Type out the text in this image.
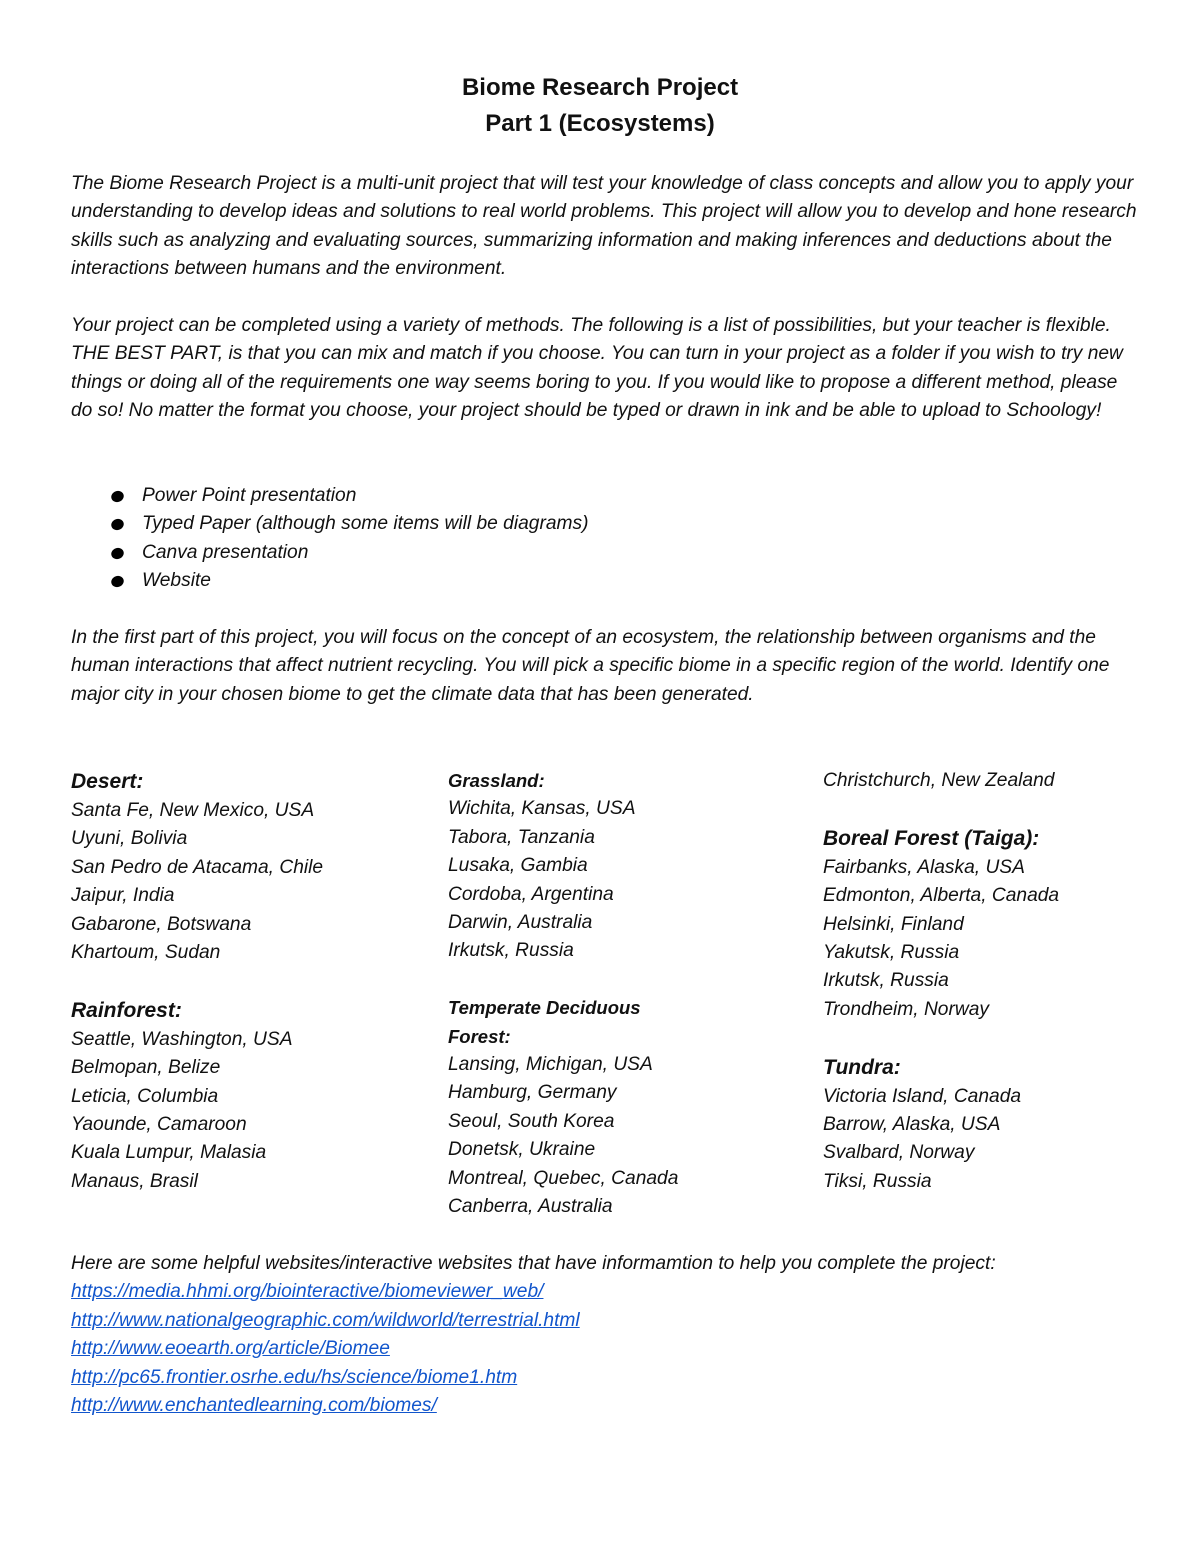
Biome Research Project
Part 1 (Ecosystems)

The Biome Research Project is a multi-unit project that will test your knowledge of class concepts and allow you to apply your understanding to develop ideas and solutions to real world problems. This project will allow you to develop and hone research skills such as analyzing and evaluating sources, summarizing information and making inferences and deductions about the interactions between humans and the environment.

Your project can be completed using a variety of methods. The following is a list of possibilities, but your teacher is flexible. THE BEST PART, is that you can mix and match if you choose. You can turn in your project as a folder if you wish to try new things or doing all of the requirements one way seems boring to you. If you would like to propose a different method, please do so! No matter the format you choose, your project should be typed or drawn in ink and be able to upload to Schoology!

Power Point presentation
Typed Paper (although some items will be diagrams)
Canva presentation
Website

In the first part of this project, you will focus on the concept of an ecosystem, the relationship between organisms and the human interactions that affect nutrient recycling. You will pick a specific biome in a specific region of the world. Identify one major city in your chosen biome to get the climate data that has been generated.

Desert:
Santa Fe, New Mexico, USA
Uyuni, Bolivia
San Pedro de Atacama, Chile
Jaipur, India
Gabarone, Botswana
Khartoum, Sudan
Rainforest:
Seattle, Washington, USA
Belmopan, Belize
Leticia, Columbia
Yaounde, Camaroon
Kuala Lumpur, Malasia
Manaus, Brasil
Grassland:
Wichita, Kansas, USA
Tabora, Tanzania
Lusaka, Gambia
Cordoba, Argentina
Darwin, Australia
Irkutsk, Russia
Temperate Deciduous
Forest:
Lansing, Michigan, USA
Hamburg, Germany
Seoul, South Korea
Donetsk, Ukraine
Montreal, Quebec, Canada
Canberra, Australia
Christchurch, New Zealand
Boreal Forest (Taiga):
Fairbanks, Alaska, USA
Edmonton, Alberta, Canada
Helsinki, Finland
Yakutsk, Russia
Irkutsk, Russia
Trondheim, Norway
Tundra:
Victoria Island, Canada
Barrow, Alaska, USA
Svalbard, Norway
Tiksi, Russia

Here are some helpful websites/interactive websites that have informamtion to help you complete the project:

https://media.hhmi.org/biointeractive/biomeviewer_web/
http://www.nationalgeographic.com/wildworld/terrestrial.html
http://www.eoearth.org/article/Biomee
http://pc65.frontier.osrhe.edu/hs/science/biome1.htm
http://www.enchantedlearning.com/biomes/
